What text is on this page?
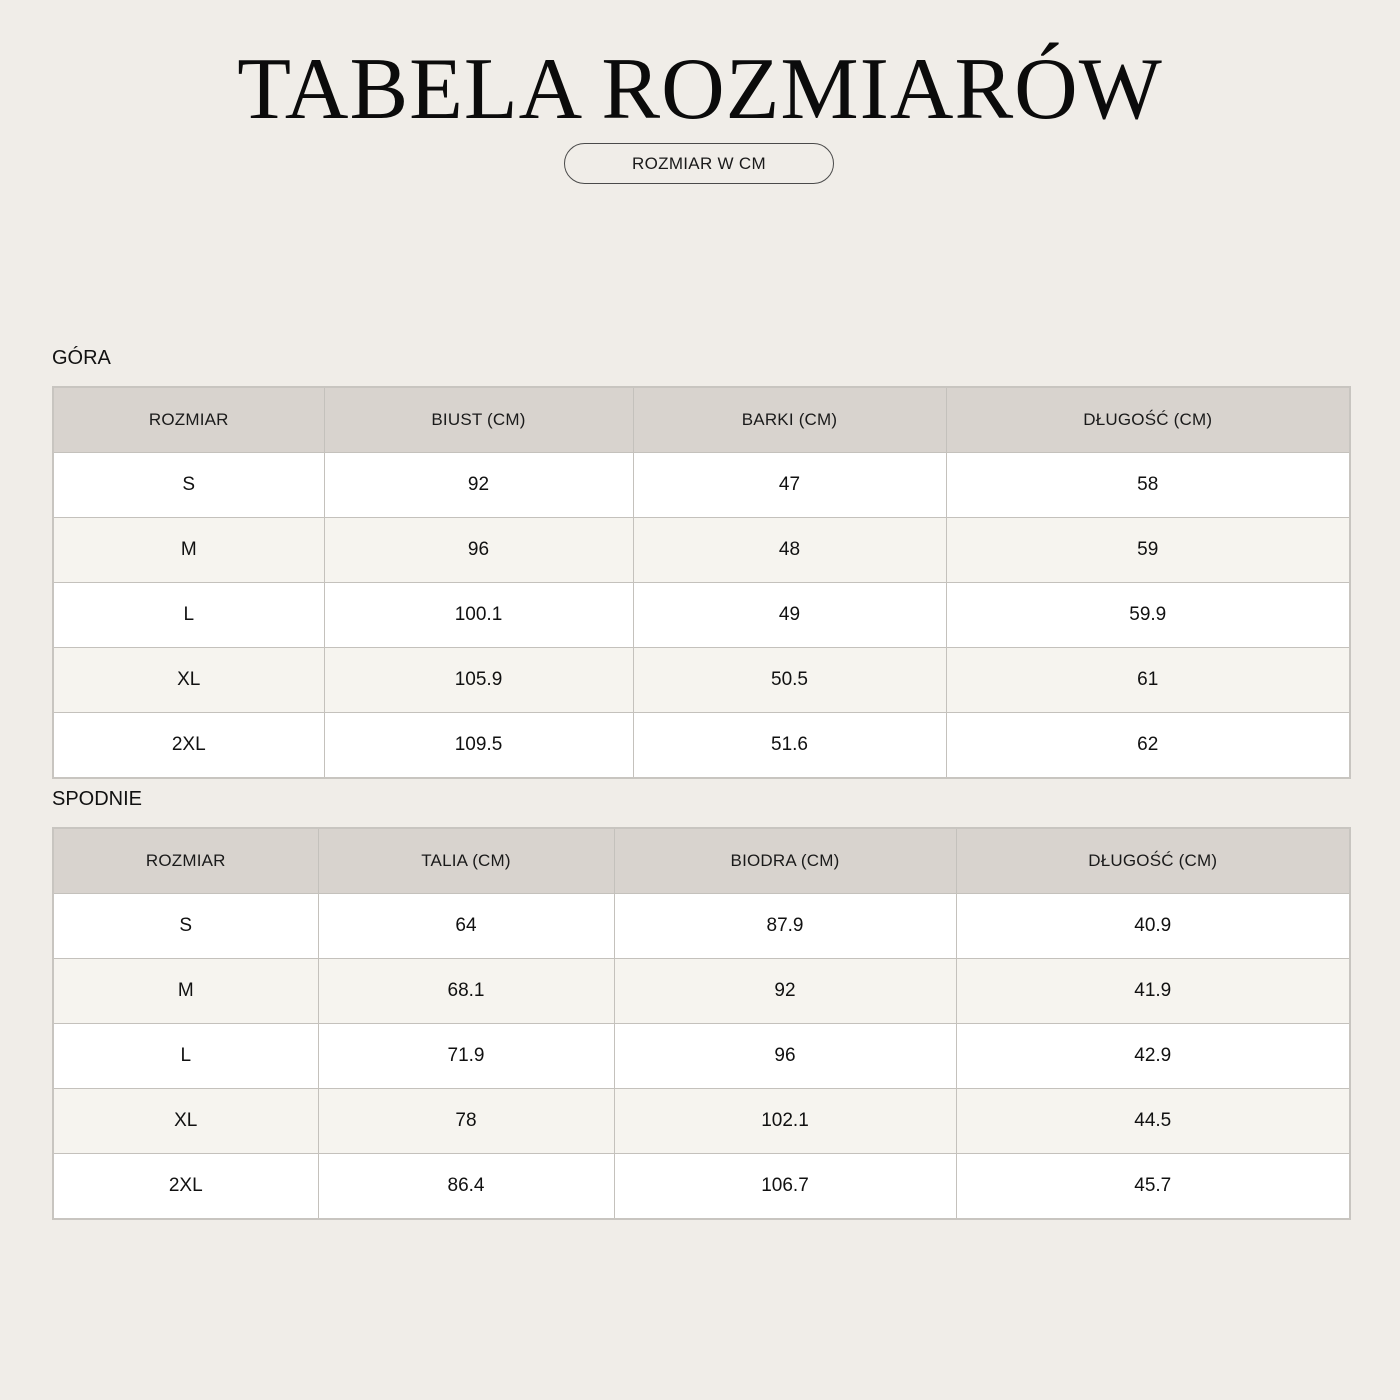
TABELA ROZMIARÓW
ROZMIAR W CM
GÓRA
ROZMIAR	BIUST (CM)	BARKI (CM)	DŁUGOŚĆ (CM)
S	92	47	58
M	96	48	59
L	100.1	49	59.9
XL	105.9	50.5	61
2XL	109.5	51.6	62
SPODNIE
ROZMIAR	TALIA (CM)	BIODRA (CM)	DŁUGOŚĆ (CM)
S	64	87.9	40.9
M	68.1	92	41.9
L	71.9	96	42.9
XL	78	102.1	44.5
2XL	86.4	106.7	45.7
